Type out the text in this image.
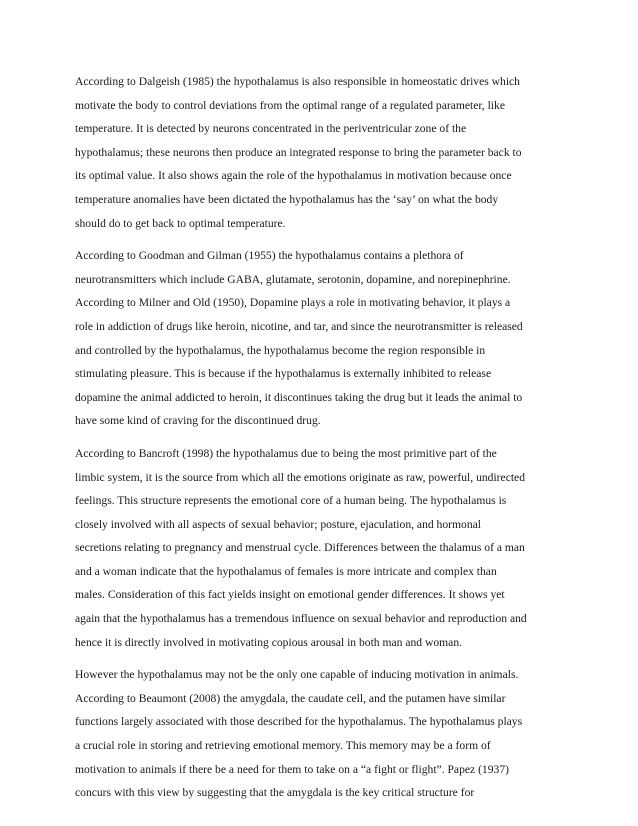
According to Dalgeish (1985) the hypothalamus is also responsible in homeostatic drives which
motivate the body to control deviations from the optimal range of a regulated parameter, like
temperature. It is detected by neurons concentrated in the periventricular zone of the
hypothalamus; these neurons then produce an integrated response to bring the parameter back to
its optimal value. It also shows again the role of the hypothalamus in motivation because once
temperature anomalies have been dictated the hypothalamus has the ‘say’ on what the body
should do to get back to optimal temperature.

According to Goodman and Gilman (1955) the hypothalamus contains a plethora of
neurotransmitters which include GABA, glutamate, serotonin, dopamine, and norepinephrine.
According to Milner and Old (1950), Dopamine plays a role in motivating behavior, it plays a
role in addiction of drugs like heroin, nicotine, and tar, and since the neurotransmitter is released
and controlled by the hypothalamus, the hypothalamus become the region responsible in
stimulating pleasure. This is because if the hypothalamus is externally inhibited to release
dopamine the animal addicted to heroin, it discontinues taking the drug but it leads the animal to
have some kind of craving for the discontinued drug.

According to Bancroft (1998) the hypothalamus due to being the most primitive part of the
limbic system, it is the source from which all the emotions originate as raw, powerful, undirected
feelings. This structure represents the emotional core of a human being. The hypothalamus is
closely involved with all aspects of sexual behavior; posture, ejaculation, and hormonal
secretions relating to pregnancy and menstrual cycle. Differences between the thalamus of a man
and a woman indicate that the hypothalamus of females is more intricate and complex than
males. Consideration of this fact yields insight on emotional gender differences. It shows yet
again that the hypothalamus has a tremendous influence on sexual behavior and reproduction and
hence it is directly involved in motivating copious arousal in both man and woman.

However the hypothalamus may not be the only one capable of inducing motivation in animals.
According to Beaumont (2008) the amygdala, the caudate cell, and the putamen have similar
functions largely associated with those described for the hypothalamus. The hypothalamus plays
a crucial role in storing and retrieving emotional memory. This memory may be a form of
motivation to animals if there be a need for them to take on a “a fight or flight”. Papez (1937)
concurs with this view by suggesting that the amygdala is the key critical structure for
